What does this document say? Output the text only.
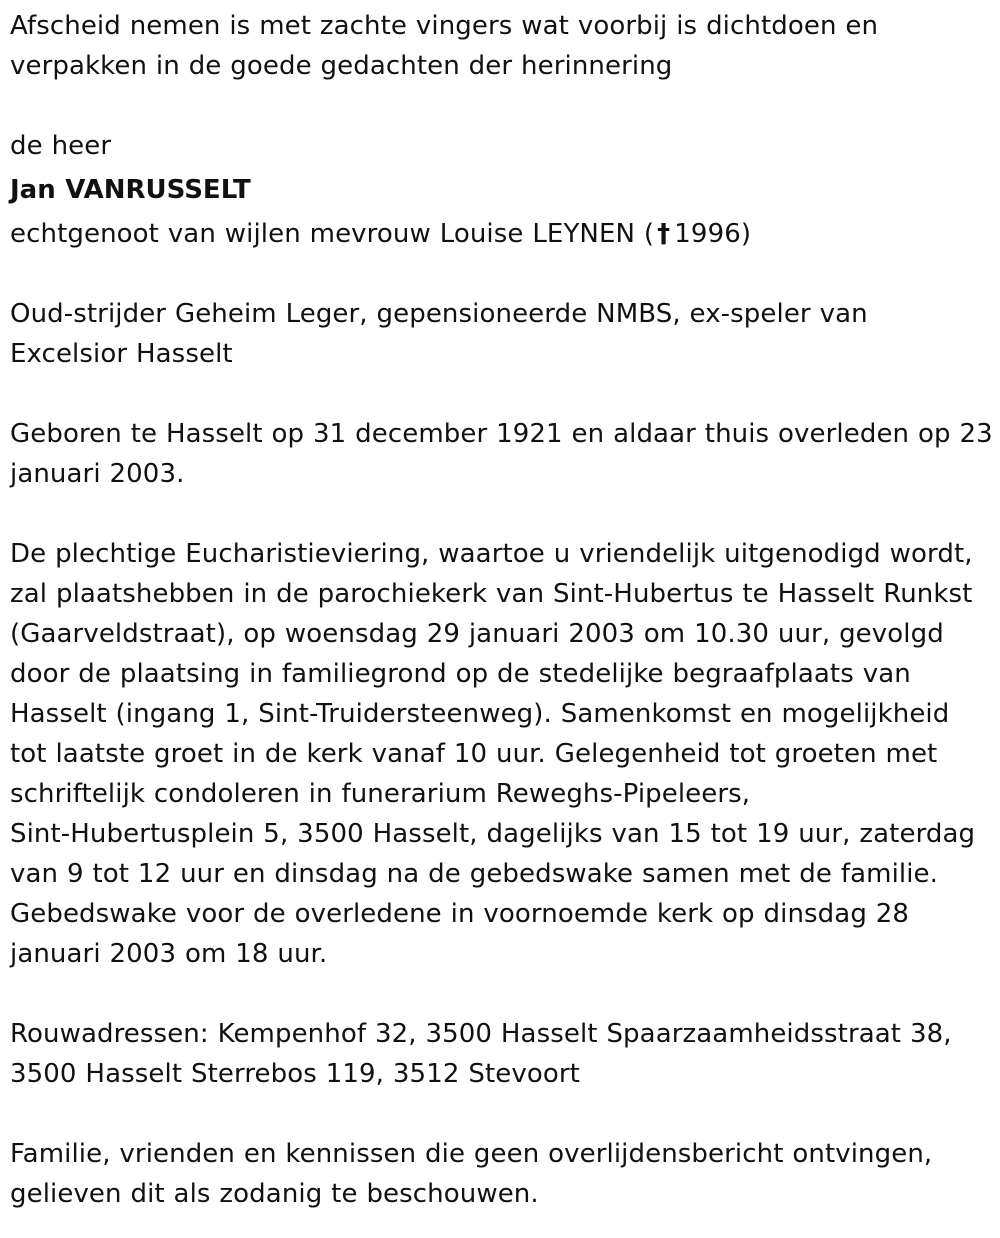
Afscheid nemen is met zachte vingers wat voorbij is dichtdoen en

verpakken in de goede gedachten der herinnering

de heer

Jan VANRUSSELT

echtgenoot van wijlen mevrouw Louise LEYNEN ( † 1996)

Oud-strijder Geheim Leger, gepensioneerde NMBS, ex-speler van

Excelsior Hasselt

Geboren te Hasselt op 31 december 1921 en aldaar thuis overleden op 23

januari 2003.

De plechtige Eucharistieviering, waartoe u vriendelijk uitgenodigd wordt,

zal plaatshebben in de parochiekerk van Sint-Hubertus te Hasselt Runkst

(Gaarveldstraat), op woensdag 29 januari 2003 om 10.30 uur, gevolgd

door de plaatsing in familiegrond op de stedelijke begraafplaats van

Hasselt (ingang 1, Sint-Truidersteenweg). Samenkomst en mogelijkheid

tot laatste groet in de kerk vanaf 10 uur. Gelegenheid tot groeten met

schriftelijk condoleren in funerarium Reweghs-Pipeleers,

Sint-Hubertusplein 5, 3500 Hasselt, dagelijks van 15 tot 19 uur, zaterdag

van 9 tot 12 uur en dinsdag na de gebedswake samen met de familie.

Gebedswake voor de overledene in voornoemde kerk op dinsdag 28

januari 2003 om 18 uur.

Rouwadressen: Kempenhof 32, 3500 Hasselt Spaarzaamheidsstraat 38,

3500 Hasselt Sterrebos 119, 3512 Stevoort

Familie, vrienden en kennissen die geen overlijdensbericht ontvingen,

gelieven dit als zodanig te beschouwen.
